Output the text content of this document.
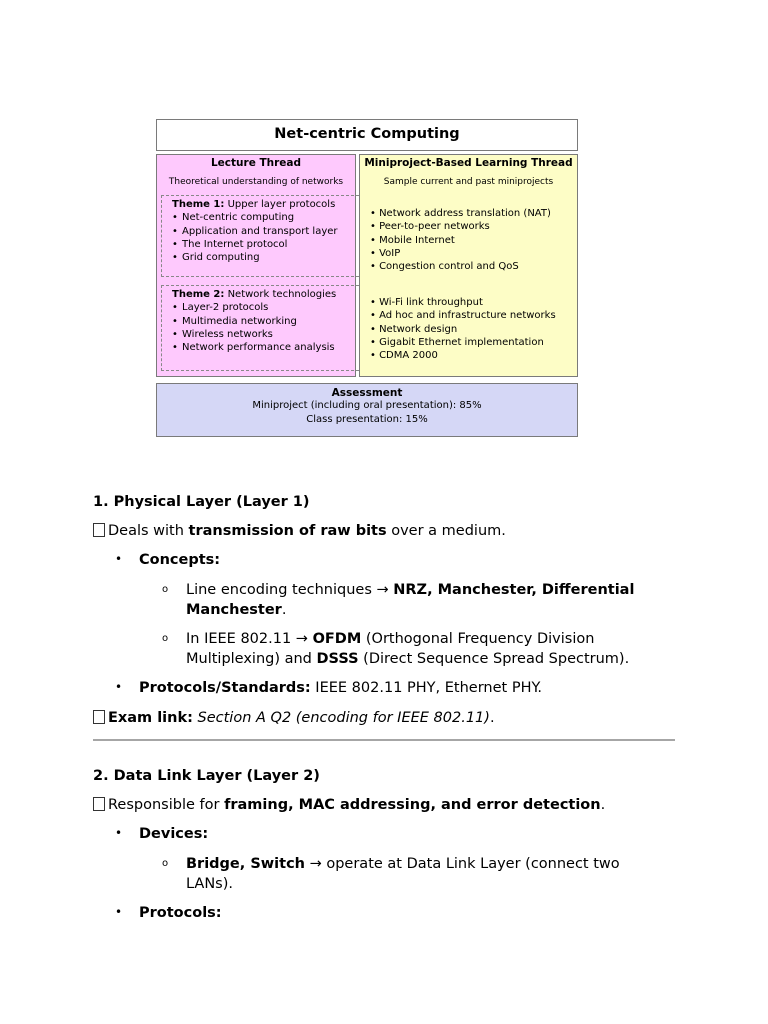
Net-centric Computing
Lecture Thread
Theoretical understanding of networks
Theme 1: Upper layer protocols
• Net-centric computing
• Application and transport layer
• The Internet protocol
• Grid computing
Theme 2: Network technologies
• Layer-2 protocols
• Multimedia networking
• Wireless networks
• Network performance analysis
Miniproject-Based Learning Thread
Sample current and past miniprojects
• Network address translation (NAT)
• Peer-to-peer networks
• Mobile Internet
• VoIP
• Congestion control and QoS
• Wi-Fi link throughput
• Ad hoc and infrastructure networks
• Network design
• Gigabit Ethernet implementation
• CDMA 2000
Assessment
Miniproject (including oral presentation): 85%
Class presentation: 15%
1. Physical Layer (Layer 1)
Deals with transmission of raw bits over a medium.
• Concepts:
o Line encoding techniques → NRZ, Manchester, Differential
Manchester.
o In IEEE 802.11 → OFDM (Orthogonal Frequency Division
Multiplexing) and DSSS (Direct Sequence Spread Spectrum).
• Protocols/Standards: IEEE 802.11 PHY, Ethernet PHY.
Exam link: Section A Q2 (encoding for IEEE 802.11).
2. Data Link Layer (Layer 2)
Responsible for framing, MAC addressing, and error detection.
• Devices:
o Bridge, Switch → operate at Data Link Layer (connect two
LANs).
• Protocols:
